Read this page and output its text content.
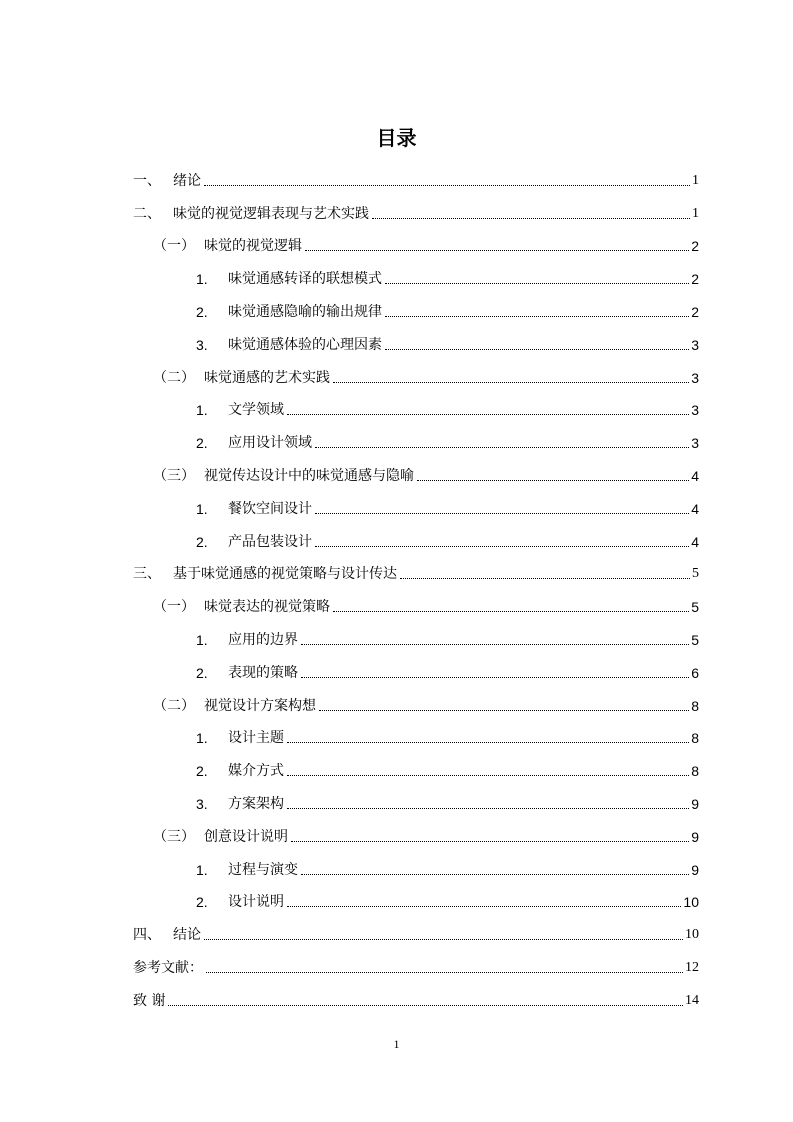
目录
一、 绪论	1
二、 味觉的视觉逻辑表现与艺术实践	1
（一） 味觉的视觉逻辑	2
1.	味觉通感转译的联想模式	2
2.	味觉通感隐喻的输出规律	2
3.	味觉通感体验的心理因素	3
（二） 味觉通感的艺术实践	3
1.	文学领域	3
2.	应用设计领域	3
（三） 视觉传达设计中的味觉通感与隐喻	4
1.	餐饮空间设计	4
2.	产品包装设计	4
三、 基于味觉通感的视觉策略与设计传达	5
（一） 味觉表达的视觉策略	5
1.	应用的边界	5
2.	表现的策略	6
（二） 视觉设计方案构想	8
1.	设计主题	8
2.	媒介方式	8
3.	方案架构	9
（三） 创意设计说明	9
1.	过程与演变	9
2.	设计说明	10
四、 结论	10
参考文献：	12
致 谢	14
1
